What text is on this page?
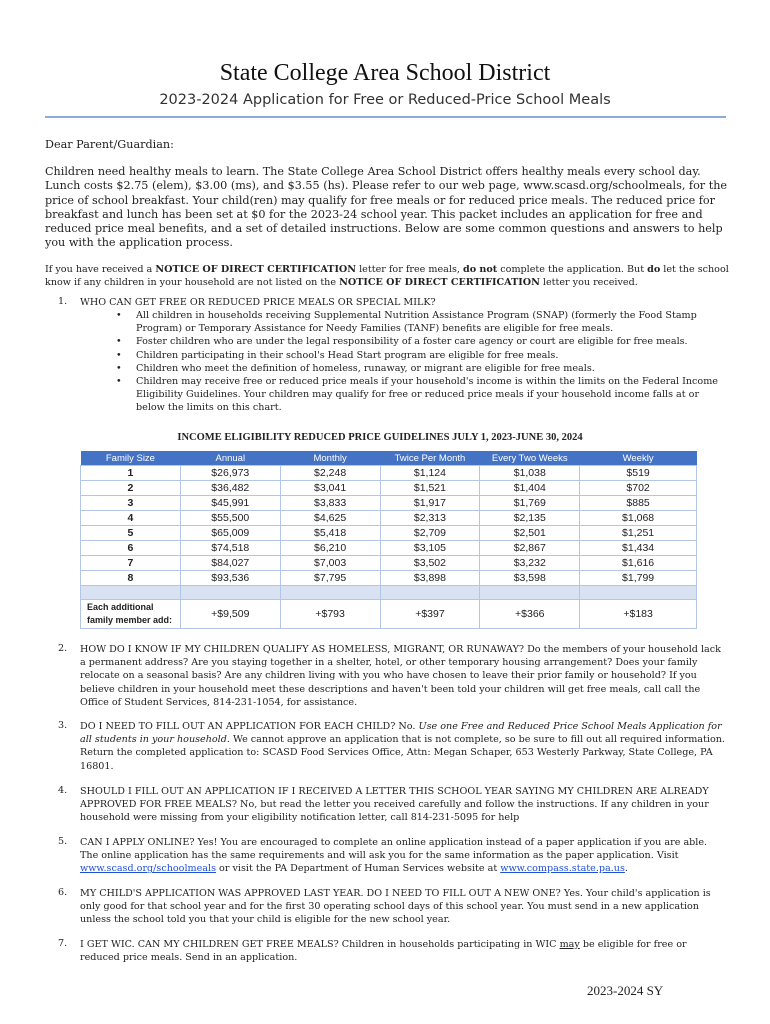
State College Area School District
2023-2024 Application for Free or Reduced-Price School Meals
Dear Parent/Guardian:

Children need healthy meals to learn. The State College Area School District offers healthy meals every school day. Lunch costs $2.75 (elem), $3.00 (ms), and $3.55 (hs). Please refer to our web page, www.scasd.org/schoolmeals, for the price of school breakfast. Your child(ren) may qualify for free meals or for reduced price meals. The reduced price for breakfast and lunch has been set at $0 for the 2023-24 school year. This packet includes an application for free and reduced price meal benefits, and a set of detailed instructions. Below are some common questions and answers to help you with the application process.

If you have received a NOTICE OF DIRECT CERTIFICATION letter for free meals, do not complete the application. But do let the school know if any children in your household are not listed on the NOTICE OF DIRECT CERTIFICATION letter you received.

1. WHO CAN GET FREE OR REDUCED PRICE MEALS OR SPECIAL MILK?

• All children in households receiving Supplemental Nutrition Assistance Program (SNAP) (formerly the Food Stamp Program) or Temporary Assistance for Needy Families (TANF) benefits are eligible for free meals.
• Foster children who are under the legal responsibility of a foster care agency or court are eligible for free meals.
• Children participating in their school's Head Start program are eligible for free meals.
• Children who meet the definition of homeless, runaway, or migrant are eligible for free meals.
• Children may receive free or reduced price meals if your household's income is within the limits on the Federal Income Eligibility Guidelines. Your children may qualify for free or reduced price meals if your household income falls at or below the limits on this chart.
INCOME ELIGIBILITY REDUCED PRICE GUIDELINES JULY 1, 2023-JUNE 30, 2024
Family Size	Annual	Monthly	Twice Per Month	Every Two Weeks	Weekly
1	$26,973	$2,248	$1,124	$1,038	$519
2	$36,482	$3,041	$1,521	$1,404	$702
3	$45,991	$3,833	$1,917	$1,769	$885
4	$55,500	$4,625	$2,313	$2,135	$1,068
5	$65,009	$5,418	$2,709	$2,501	$1,251
6	$74,518	$6,210	$3,105	$2,867	$1,434
7	$84,027	$7,003	$3,502	$3,232	$1,616
8	$93,536	$7,795	$3,898	$3,598	$1,799

Each additional family member add:	+$9,509	+$793	+$397	+$366	+$183
2. HOW DO I KNOW IF MY CHILDREN QUALIFY AS HOMELESS, MIGRANT, OR RUNAWAY? Do the members of your household lack a permanent address? Are you staying together in a shelter, hotel, or other temporary housing arrangement? Does your family relocate on a seasonal basis? Are any children living with you who have chosen to leave their prior family or household? If you believe children in your household meet these descriptions and haven't been told your children will get free meals, call call the Office of Student Services, 814-231-1054, for assistance.

3. DO I NEED TO FILL OUT AN APPLICATION FOR EACH CHILD? No. Use one Free and Reduced Price School Meals Application for all students in your household. We cannot approve an application that is not complete, so be sure to fill out all required information. Return the completed application to: SCASD Food Services Office, Attn: Megan Schaper, 653 Westerly Parkway, State College, PA 16801.

4. SHOULD I FILL OUT AN APPLICATION IF I RECEIVED A LETTER THIS SCHOOL YEAR SAYING MY CHILDREN ARE ALREADY APPROVED FOR FREE MEALS? No, but read the letter you received carefully and follow the instructions. If any children in your household were missing from your eligibility notification letter, call 814-231-5095 for help

5. CAN I APPLY ONLINE? Yes! You are encouraged to complete an online application instead of a paper application if you are able. The online application has the same requirements and will ask you for the same information as the paper application. Visit www.scasd.org/schoolmeals or visit the PA Department of Human Services website at www.compass.state.pa.us.

6. MY CHILD'S APPLICATION WAS APPROVED LAST YEAR. DO I NEED TO FILL OUT A NEW ONE? Yes. Your child's application is only good for that school year and for the first 30 operating school days of this school year. You must send in a new application unless the school told you that your child is eligible for the new school year.

7. I GET WIC. CAN MY CHILDREN GET FREE MEALS? Children in households participating in WIC may be eligible for free or reduced price meals. Send in an application.

2023-2024 SY
